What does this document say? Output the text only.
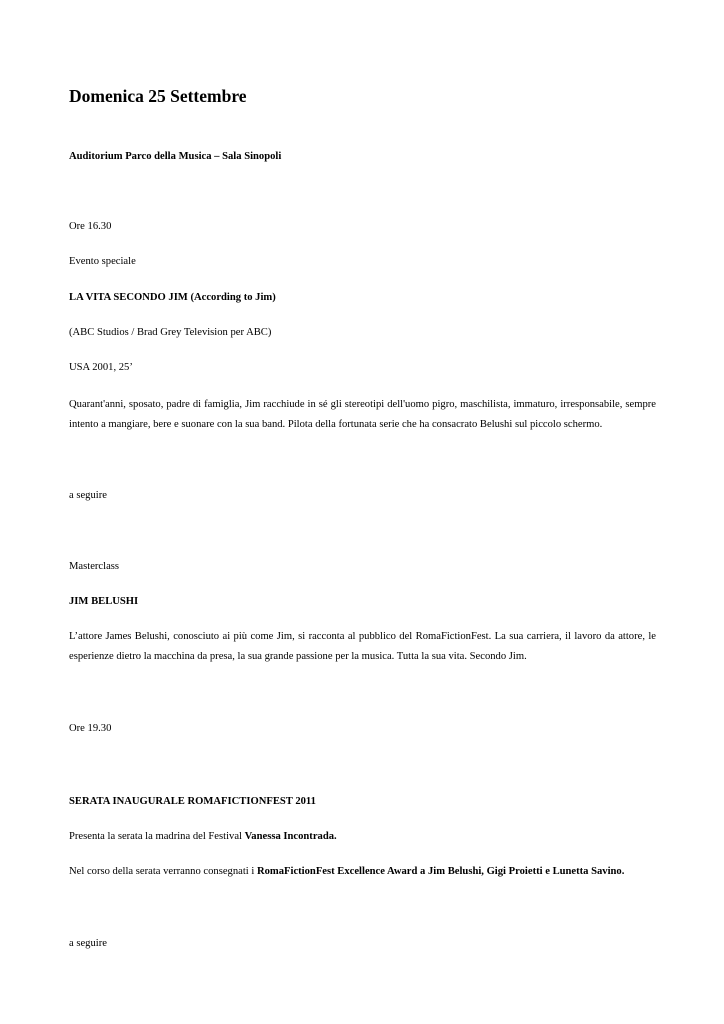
Domenica 25 Settembre
Auditorium Parco della Musica – Sala Sinopoli
Ore 16.30
Evento speciale
LA VITA SECONDO JIM (According to Jim)
(ABC Studios / Brad Grey Television per ABC)
USA 2001, 25’
Quarant'anni, sposato, padre di famiglia, Jim racchiude in sé gli stereotipi dell'uomo pigro, maschilista, immaturo, irresponsabile, sempre intento a mangiare, bere e suonare con la sua band. Pilota della fortunata serie che ha consacrato Belushi sul piccolo schermo.
a seguire
Masterclass
JIM BELUSHI
L’attore James Belushi, conosciuto ai più come Jim, si racconta al pubblico del RomaFictionFest. La sua carriera, il lavoro da attore, le esperienze dietro la macchina da presa, la sua grande passione per la musica. Tutta la sua vita. Secondo Jim.
Ore 19.30
SERATA INAUGURALE ROMAFICTIONFEST 2011
Presenta la serata la madrina del Festival Vanessa Incontrada.
Nel corso della serata verranno consegnati i RomaFictionFest Excellence Award a Jim Belushi, Gigi Proietti e Lunetta Savino.
a seguire
